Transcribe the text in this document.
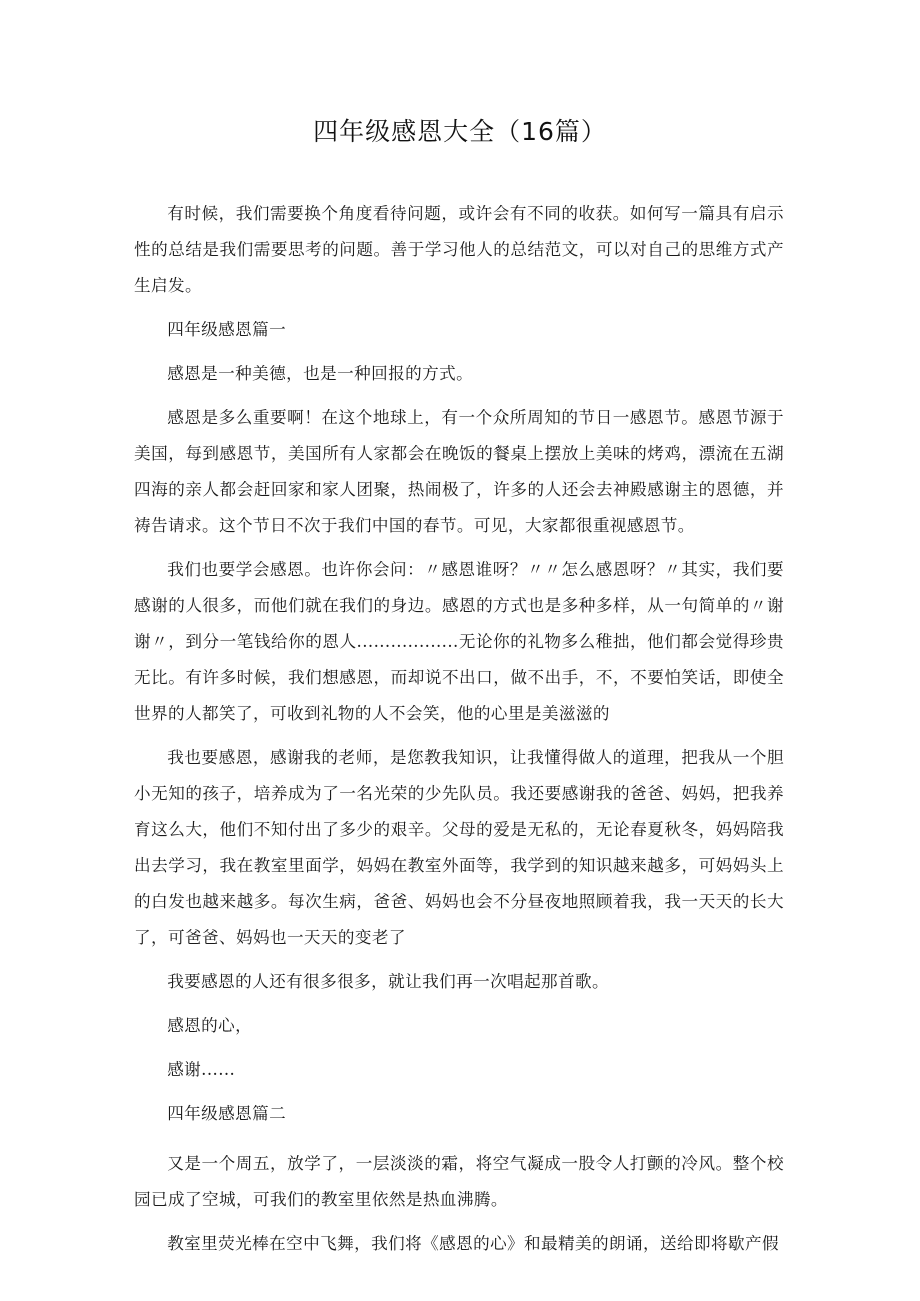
四年级感恩大全（16篇）

有时候，我们需要换个角度看待问题，或许会有不同的收获。如何写一篇具有启示性的总结是我们需要思考的问题。善于学习他人的总结范文，可以对自己的思维方式产生启发。

四年级感恩篇一

感恩是一种美德，也是一种回报的方式。

感恩是多么重要啊！在这个地球上，有一个众所周知的节日一感恩节。感恩节源于美国，每到感恩节，美国所有人家都会在晚饭的餐桌上摆放上美味的烤鸡，漂流在五湖四海的亲人都会赶回家和家人团聚，热闹极了，许多的人还会去神殿感谢主的恩德，并祷告请求。这个节日不次于我们中国的春节。可见，大家都很重视感恩节。

我们也要学会感恩。也许你会问：〃感恩谁呀？〃〃怎么感恩呀？〃其实，我们要感谢的人很多，而他们就在我们的身边。感恩的方式也是多种多样，从一句简单的〃谢谢〃，到分一笔钱给你的恩人..................无论你的礼物多么稚拙，他们都会觉得珍贵无比。有许多时候，我们想感恩，而却说不出口，做不出手，不，不要怕笑话，即使全世界的人都笑了，可收到礼物的人不会笑，他的心里是美滋滋的

我也要感恩，感谢我的老师，是您教我知识，让我懂得做人的道理，把我从一个胆小无知的孩子，培养成为了一名光荣的少先队员。我还要感谢我的爸爸、妈妈，把我养育这么大，他们不知付出了多少的艰辛。父母的爱是无私的，无论春夏秋冬，妈妈陪我出去学习，我在教室里面学，妈妈在教室外面等，我学到的知识越来越多，可妈妈头上的白发也越来越多。每次生病，爸爸、妈妈也会不分昼夜地照顾着我，我一天天的长大了，可爸爸、妈妈也一天天的变老了

我要感恩的人还有很多很多，就让我们再一次唱起那首歌。

感恩的心，

感谢......

四年级感恩篇二

又是一个周五，放学了，一层淡淡的霜，将空气凝成一股令人打颤的冷风。整个校园已成了空城，可我们的教室里依然是热血沸腾。

教室里荧光棒在空中飞舞，我们将《感恩的心》和最精美的朗诵，送给即将歇产假
